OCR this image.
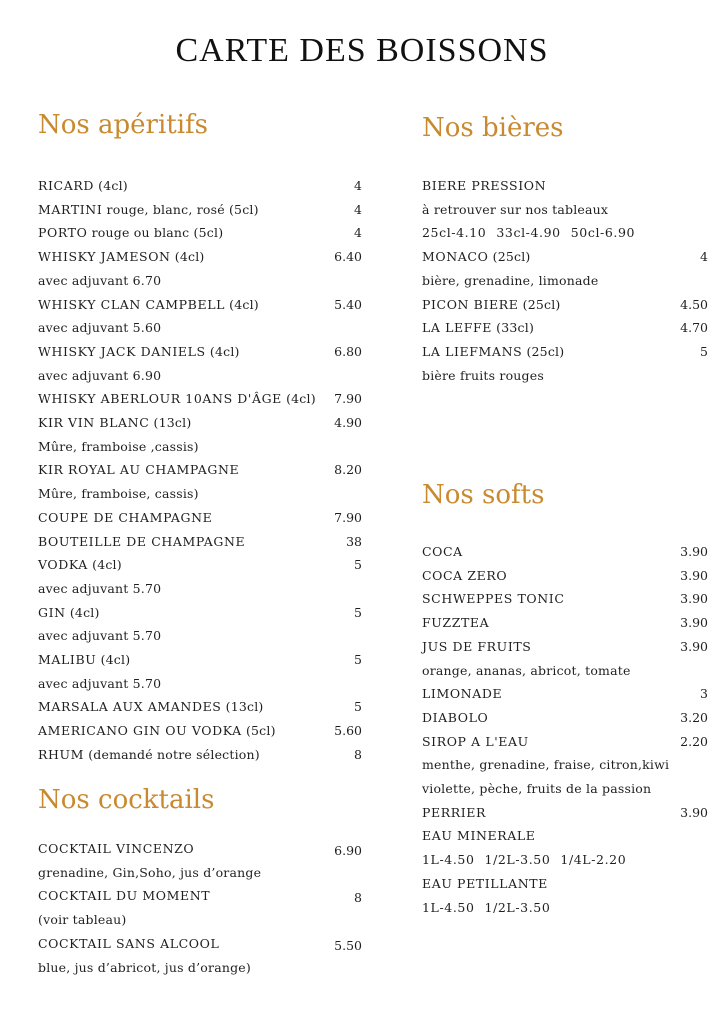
CARTE DES BOISSONS
Nos apéritifs	Nos bières
Nos cocktails
Nos softs
RICARD (4cl)	4
MARTINI rouge, blanc, rosé (5cl)	4
PORTO rouge ou blanc (5cl)	4
WHISKY JAMESON (4cl)	6.40
avec adjuvant 6.70
WHISKY CLAN CAMPBELL (4cl)	5.40
avec adjuvant 5.60
WHISKY JACK DANIELS (4cl)	6.80
avec adjuvant 6.90
WHISKY ABERLOUR 10ANS D'ÂGE (4cl) 7.90
KIR VIN BLANC (13cl)	4.90
Mûre, framboise ,cassis)
KIR ROYAL AU CHAMPAGNE	8.20
Mûre, framboise, cassis)
COUPE DE CHAMPAGNE	7.90
BOUTEILLE DE CHAMPAGNE	38
VODKA (4cl)	5
avec adjuvant 5.70
GIN (4cl)	5
avec adjuvant 5.70
MALIBU (4cl)	5
avec adjuvant 5.70
MARSALA AUX AMANDES (13cl)	5
AMERICANO GIN OU VODKA (5cl)	5.60
RHUM (demandé notre sélection)	8
COCKTAIL VINCENZO	6.90
grenadine, Gin,Soho, jus d’orange
COCKTAIL DU MOMENT	8
(voir tableau)
COCKTAIL SANS ALCOOL	5.50
blue, jus d’abricot, jus d’orange)
BIERE PRESSION
à retrouver sur nos tableaux
25cl-4.10 33cl-4.90 50cl-6.90
MONACO (25cl)	4
bière, grenadine, limonade
PICON BIERE (25cl)	4.50
LA LEFFE (33cl)	4.70
LA LIEFMANS (25cl)	5
bière fruits rouges
COCA	3.90
COCA ZERO	3.90
SCHWEPPES TONIC	3.90
FUZZTEA	3.90
JUS DE FRUITS	3.90
orange, ananas, abricot, tomate
LIMONADE	3
DIABOLO	3.20
SIROP A L'EAU	2.20
menthe, grenadine, fraise, citron,kiwi
violette, pèche, fruits de la passion
PERRIER	3.90
EAU MINERALE
1L-4.50 1/2L-3.50 1/4L-2.20
EAU PETILLANTE
1L-4.50 1/2L-3.50
